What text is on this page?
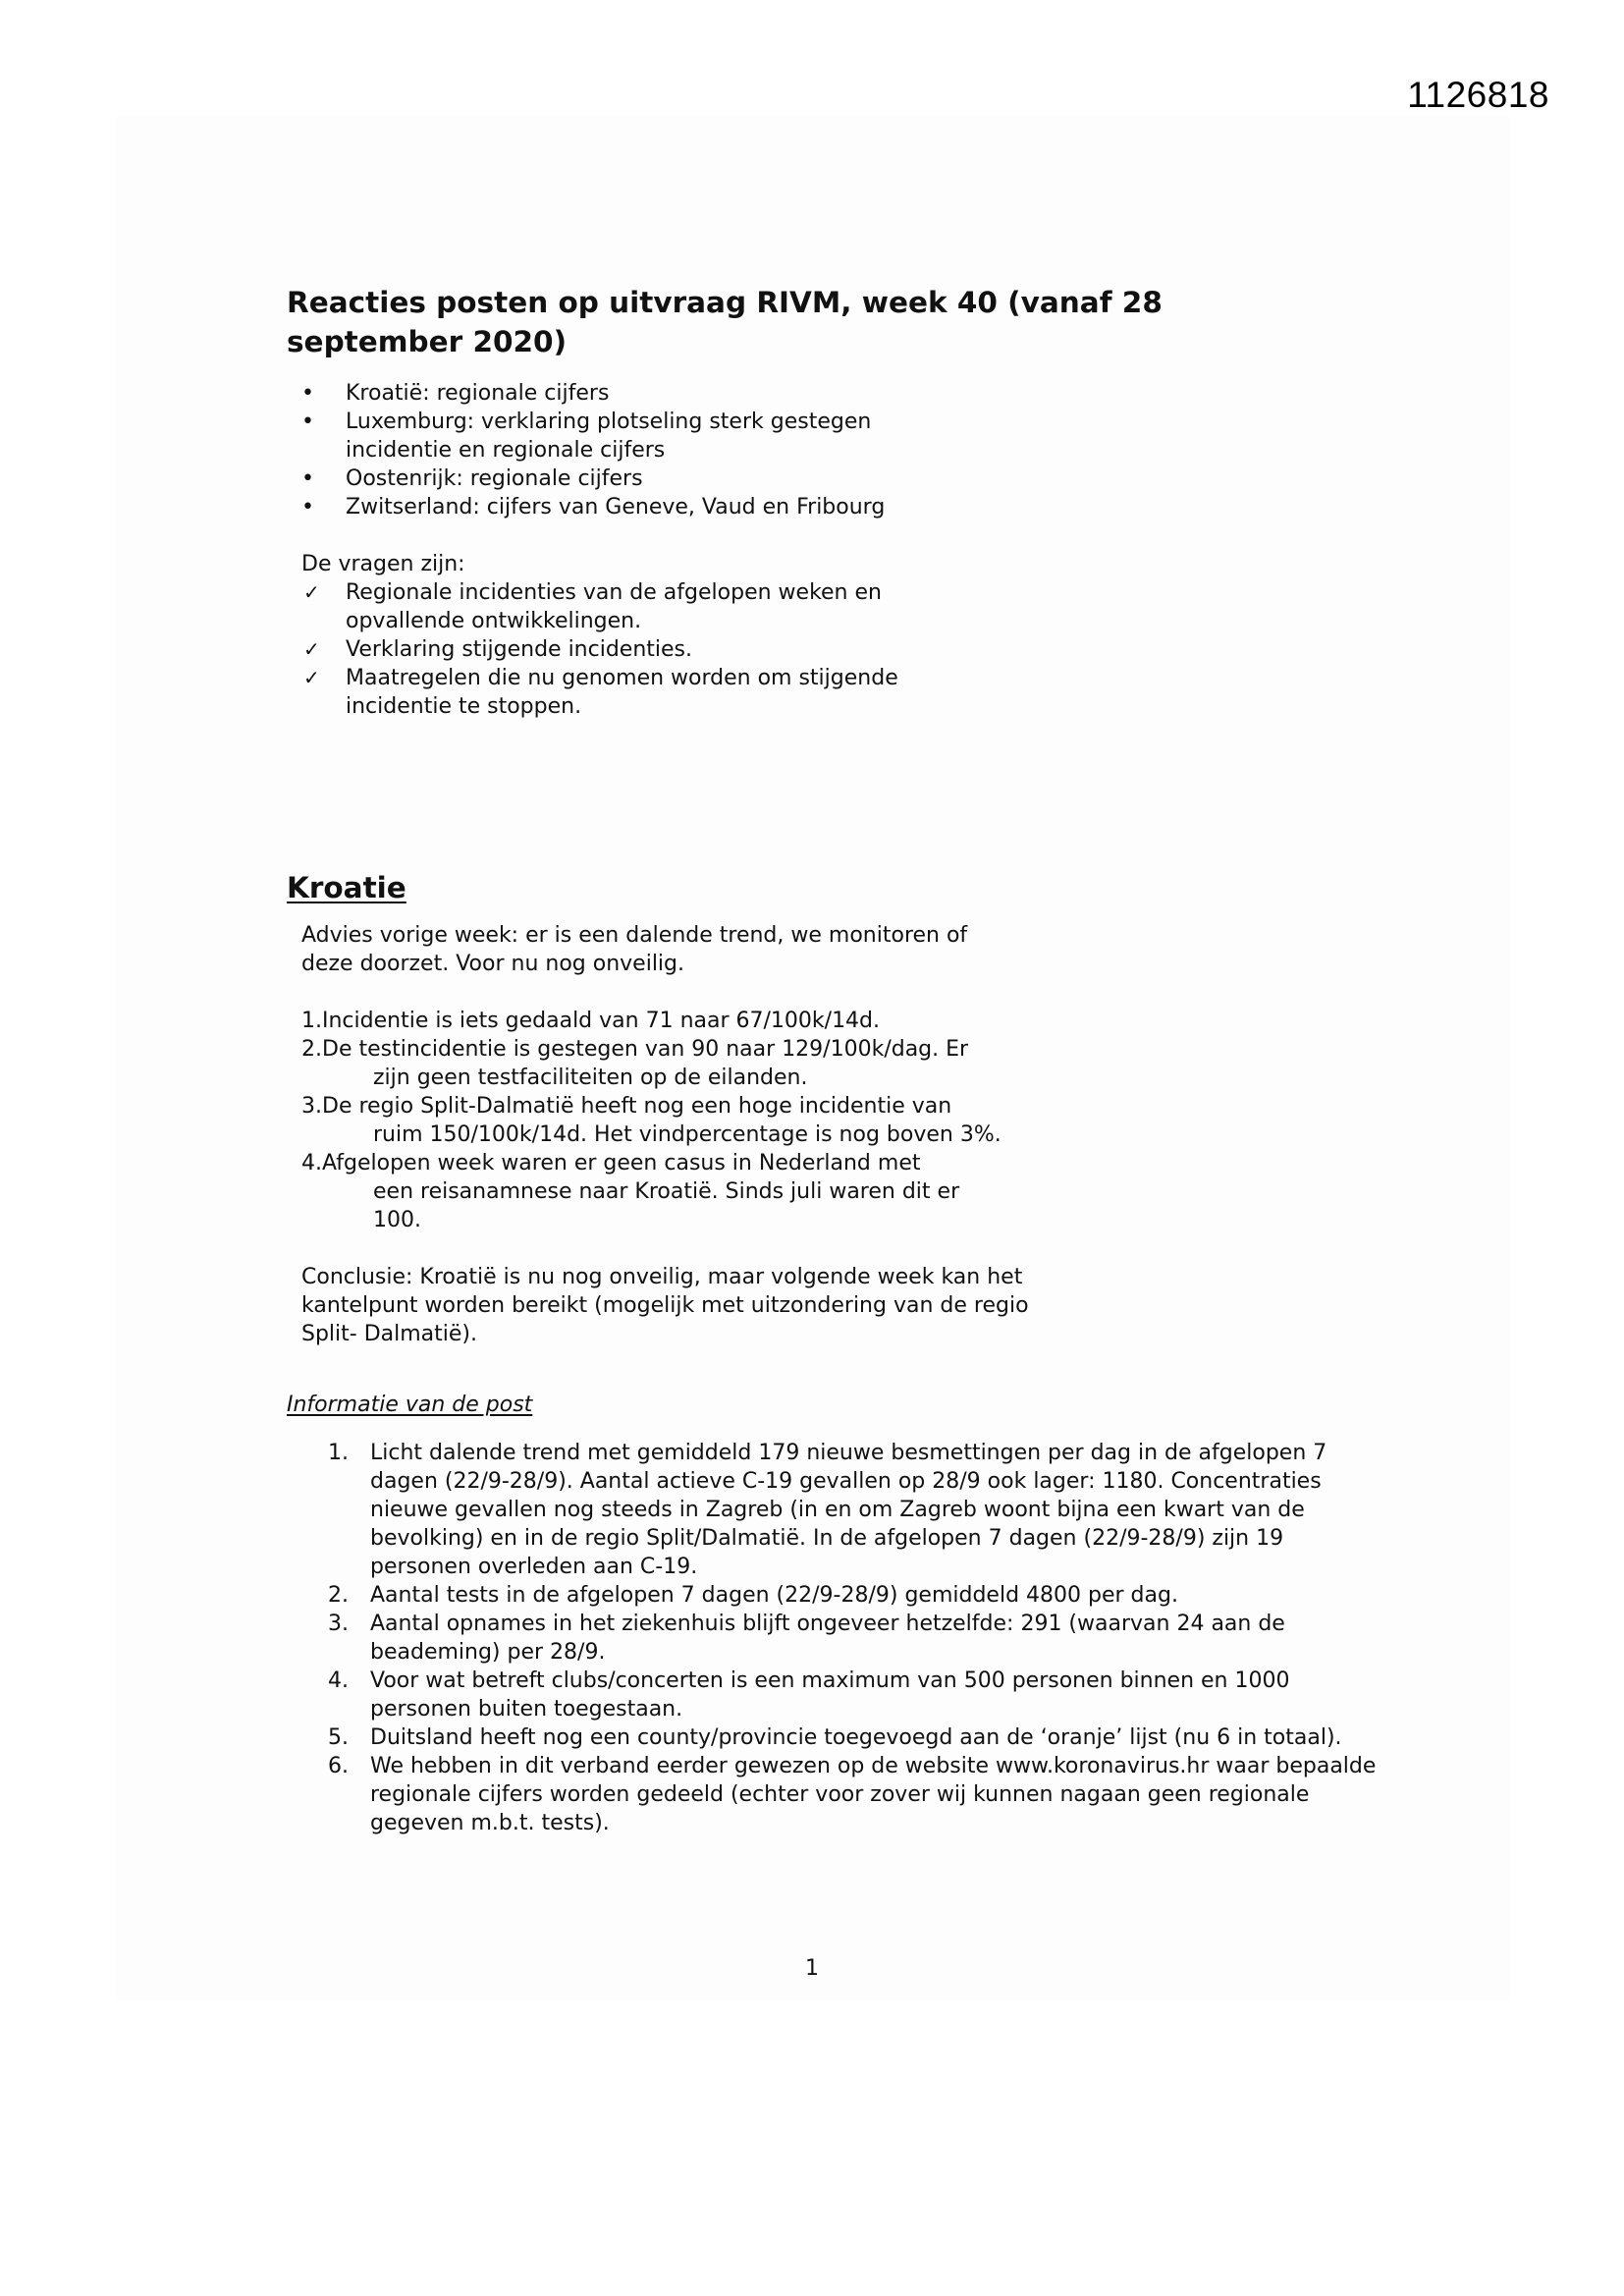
1126818
Reacties posten op uitvraag RIVM, week 40 (vanaf 28 september 2020)
• Kroatië: regionale cijfers
• Luxemburg: verklaring plotseling sterk gestegen incidentie en regionale cijfers
• Oostenrijk: regionale cijfers
• Zwitserland: cijfers van Geneve, Vaud en Fribourg
De vragen zijn:
✓ Regionale incidenties van de afgelopen weken en opvallende ontwikkelingen.
✓ Verklaring stijgende incidenties.
✓ Maatregelen die nu genomen worden om stijgende incidentie te stoppen.
Kroatie
Advies vorige week: er is een dalende trend, we monitoren of deze doorzet. Voor nu nog onveilig.
1.Incidentie is iets gedaald van 71 naar 67/100k/14d.
2.De testincidentie is gestegen van 90 naar 129/100k/dag. Er
zijn geen testfaciliteiten op de eilanden.
3.De regio Split-Dalmatië heeft nog een hoge incidentie van
ruim 150/100k/14d. Het vindpercentage is nog boven 3%.
4.Afgelopen week waren er geen casus in Nederland met
een reisanamnese naar Kroatië. Sinds juli waren dit er 100.
Conclusie: Kroatië is nu nog onveilig, maar volgende week kan het kantelpunt worden bereikt (mogelijk met uitzondering van de regio Split- Dalmatië).
Informatie van de post
1. Licht dalende trend met gemiddeld 179 nieuwe besmettingen per dag in de afgelopen 7 dagen (22/9-28/9). Aantal actieve C-19 gevallen op 28/9 ook lager: 1180. Concentraties nieuwe gevallen nog steeds in Zagreb (in en om Zagreb woont bijna een kwart van de bevolking) en in de regio Split/Dalmatië. In de afgelopen 7 dagen (22/9-28/9) zijn 19 personen overleden aan C-19.
2. Aantal tests in de afgelopen 7 dagen (22/9-28/9) gemiddeld 4800 per dag.
3. Aantal opnames in het ziekenhuis blijft ongeveer hetzelfde: 291 (waarvan 24 aan de beademing) per 28/9.
4. Voor wat betreft clubs/concerten is een maximum van 500 personen binnen en 1000 personen buiten toegestaan.
5. Duitsland heeft nog een county/provincie toegevoegd aan de ‘oranje’ lijst (nu 6 in totaal).
6. We hebben in dit verband eerder gewezen op de website www.koronavirus.hr waar bepaalde regionale cijfers worden gedeeld (echter voor zover wij kunnen nagaan geen regionale gegeven m.b.t. tests).
1
